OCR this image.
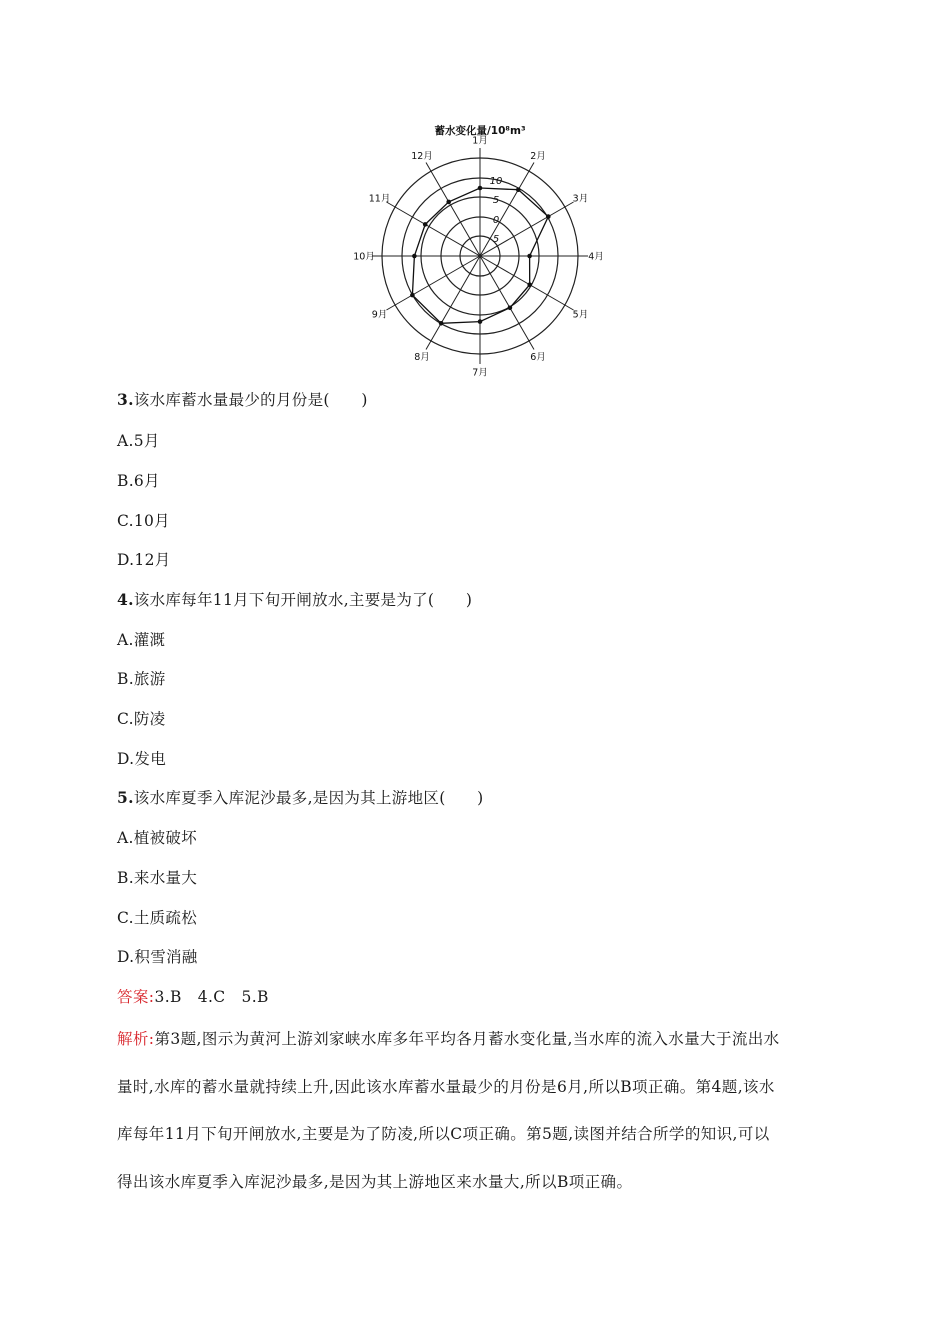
蓄水变化量/10⁸m³
10
5
0
5
1月
2月
3月
4月
5月
6月
7月
8月
9月
10月
11月
12月
3.该水库蓄水量最少的月份是(　　)
A.5月
B.6月
C.10月
D.12月
4.该水库每年11月下旬开闸放水,主要是为了(　　)
A.灌溉
B.旅游
C.防凌
D.发电
5.该水库夏季入库泥沙最多,是因为其上游地区(　　)
A.植被破坏
B.来水量大
C.土质疏松
D.积雪消融
答案:3.B　4.C　5.B
解析:第3题,图示为黄河上游刘家峡水库多年平均各月蓄水变化量,当水库的流入水量大于流出水
量时,水库的蓄水量就持续上升,因此该水库蓄水量最少的月份是6月,所以B项正确。第4题,该水
库每年11月下旬开闸放水,主要是为了防凌,所以C项正确。第5题,读图并结合所学的知识,可以
得出该水库夏季入库泥沙最多,是因为其上游地区来水量大,所以B项正确。
